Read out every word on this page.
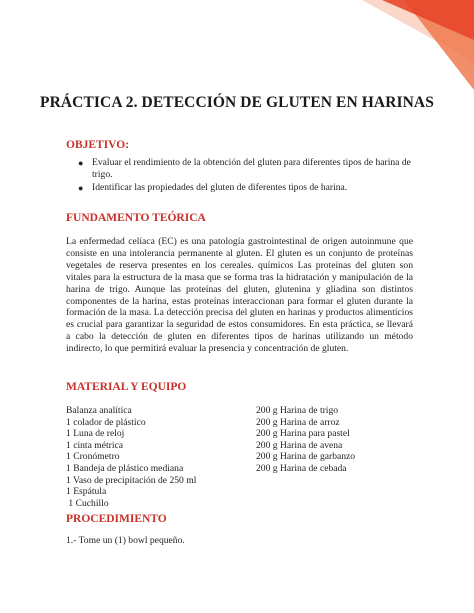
PRÁCTICA 2. DETECCIÓN DE GLUTEN EN HARINAS
OBJETIVO:
● Evaluar el rendimiento de la obtención del gluten para diferentes tipos de harina de trigo.
● Identificar las propiedades del gluten de diferentes tipos de harina.
FUNDAMENTO TEÓRICA

La enfermedad celíaca (EC) es una patología gastrointestinal de origen autoinmune que consiste en una intolerancia permanente al gluten. El gluten es un conjunto de proteínas vegetales de reserva presentes en los cereales. químicos Las proteínas del gluten son vitales para la estructura de la masa que se forma tras la hidratación y manipulación de la harina de trigo. Aunque las proteínas del gluten, glutenina y gliadina son distintos componentes de la harina, estas proteínas interaccionan para formar el gluten durante la formación de la masa. La detección precisa del gluten en harinas y productos alimenticios es crucial para garantizar la seguridad de estos consumidores. En esta práctica, se llevará a cabo la detección de gluten en diferentes tipos de harinas utilizando un método indirecto, lo que permitirá evaluar la presencia y concentración de gluten.

MATERIAL Y EQUIPO
Balanza analítica
1 colador de plástico
1 Luna de reloj
1 cinta métrica
1 Cronómetro
1 Bandeja de plástico mediana
1 Vaso de precipitación de 250 ml
1 Espátula
1 Cuchillo
200 g Harina de trigo
200 g Harina de arroz
200 g Harina para pastel
200 g Harina de avena
200 g Harina de garbanzo
200 g Harina de cebada
PROCEDIMIENTO
1.- Tome un (1) bowl pequeño.
